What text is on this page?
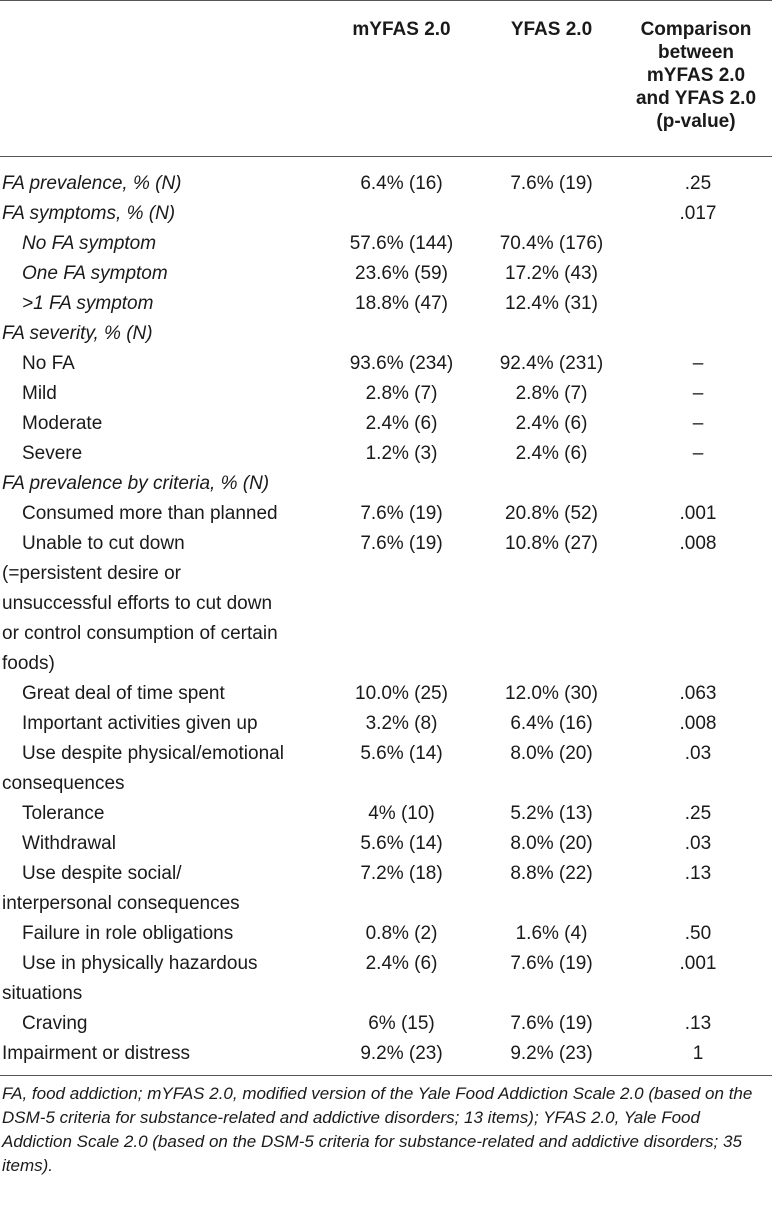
	mYFAS 2.0	YFAS 2.0	Comparison
between
mYFAS 2.0
and YFAS 2.0
(p-value)

FA prevalence, % (N)	6.4% (16)	7.6% (19)	.25

FA symptoms, % (N)			.017

No FA symptom	57.6% (144)	70.4% (176)	

One FA symptom	23.6% (59)	17.2% (43)	

>1 FA symptom	18.8% (47)	12.4% (31)	

FA severity, % (N)			

No FA	93.6% (234)	92.4% (231)	–

Mild	2.8% (7)	2.8% (7)	–

Moderate	2.4% (6)	2.4% (6)	–

Severe	1.2% (3)	2.4% (6)	–

FA prevalence by criteria, % (N)			

Consumed more than planned	7.6% (19)	20.8% (52)	.001

Unable to cut down
(=persistent desire or
unsuccessful efforts to cut down
or control consumption of certain
foods)	7.6% (19)	10.8% (27)	.008

Great deal of time spent	10.0% (25)	12.0% (30)	.063

Important activities given up	3.2% (8)	6.4% (16)	.008

Use despite physical/emotional
consequences	5.6% (14)	8.0% (20)	.03

Tolerance	4% (10)	5.2% (13)	.25

Withdrawal	5.6% (14)	8.0% (20)	.03

Use despite social/
interpersonal consequences	7.2% (18)	8.8% (22)	.13

Failure in role obligations	0.8% (2)	1.6% (4)	.50

Use in physically hazardous
situations	2.4% (6)	7.6% (19)	.001

Craving	6% (15)	7.6% (19)	.13

Impairment or distress	9.2% (23)	9.2% (23)	1
FA, food addiction; mYFAS 2.0, modified version of the Yale Food Addiction Scale 2.0 (based on the DSM-5 criteria for substance-related and addictive disorders; 13 items); YFAS 2.0, Yale Food Addiction Scale 2.0 (based on the DSM-5 criteria for substance-related and addictive disorders; 35 items).
